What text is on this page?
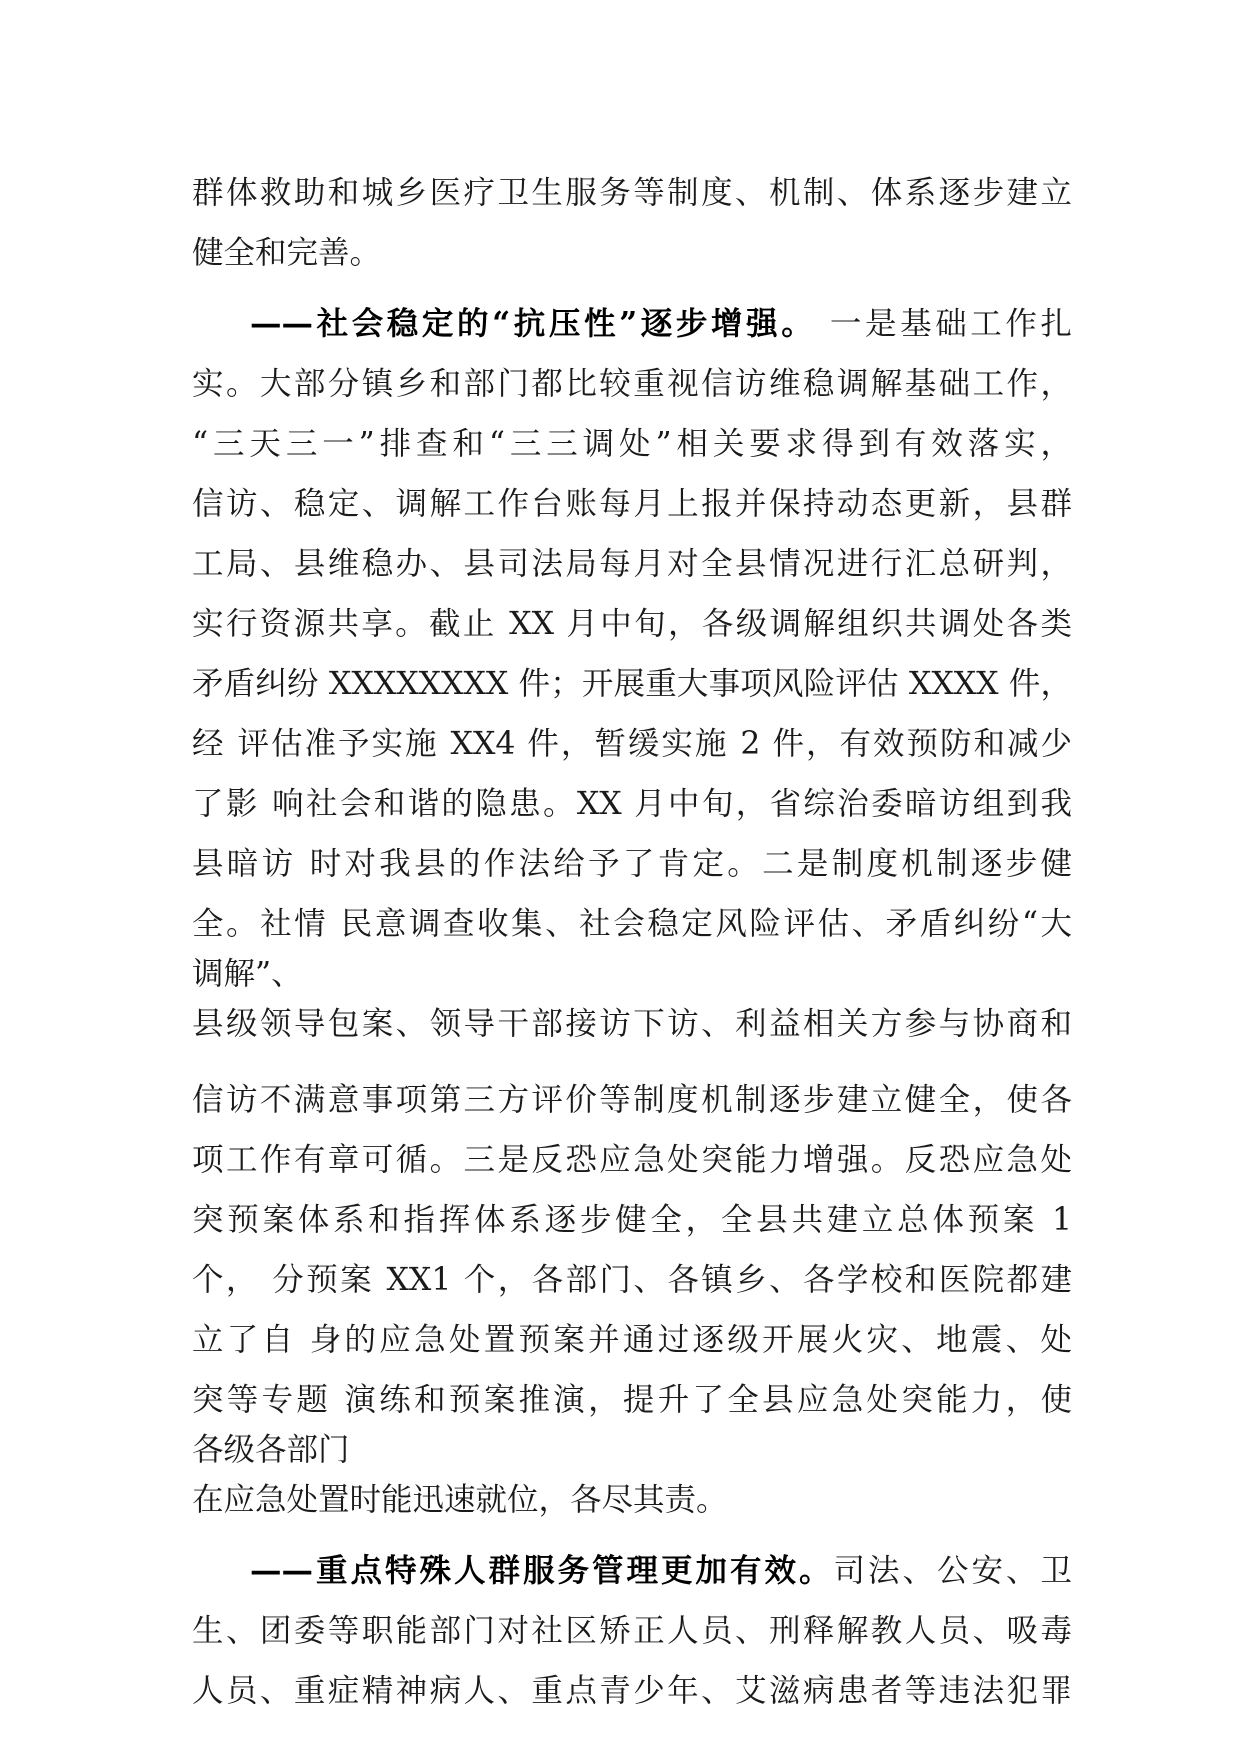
群体救助和城乡医疗卫生服务等制度、机制、体系逐步建立

健全和完善。

——社会稳定的“抗压性”逐步增强。 一是基础工作扎

实。大部分镇乡和部门都比较重视信访维稳调解基础工作，

“三天三一”排查和“三三调处”相关要求得到有效落实，

信访、稳定、调解工作台账每月上报并保持动态更新，县群

工局、县维稳办、县司法局每月对全县情况进行汇总研判，

实行资源共享。截止 XX 月中旬，各级调解组织共调处各类

矛盾纠纷 XXXXXXXX 件；开展重大事项风险评估 XXXX 件，

经 评估准予实施 XX4 件，暂缓实施 2 件，有效预防和减少

了影 响社会和谐的隐患。XX 月中旬，省综治委暗访组到我

县暗访 时对我县的作法给予了肯定。二是制度机制逐步健

全。社情 民意调查收集、社会稳定风险评估、矛盾纠纷“大

调解”、

县级领导包案、领导干部接访下访、利益相关方参与协商和

信访不满意事项第三方评价等制度机制逐步建立健全，使各

项工作有章可循。三是反恐应急处突能力增强。反恐应急处

突预案体系和指挥体系逐步健全，全县共建立总体预案 1

个， 分预案 XX1 个，各部门、各镇乡、各学校和医院都建

立了自 身的应急处置预案并通过逐级开展火灾、地震、处

突等专题 演练和预案推演，提升了全县应急处突能力，使

各级各部门

在应急处置时能迅速就位，各尽其责。

——重点特殊人群服务管理更加有效。司法、公安、卫

生、团委等职能部门对社区矫正人员、刑释解教人员、吸毒

人员、重症精神病人、重点青少年、艾滋病患者等违法犯罪
